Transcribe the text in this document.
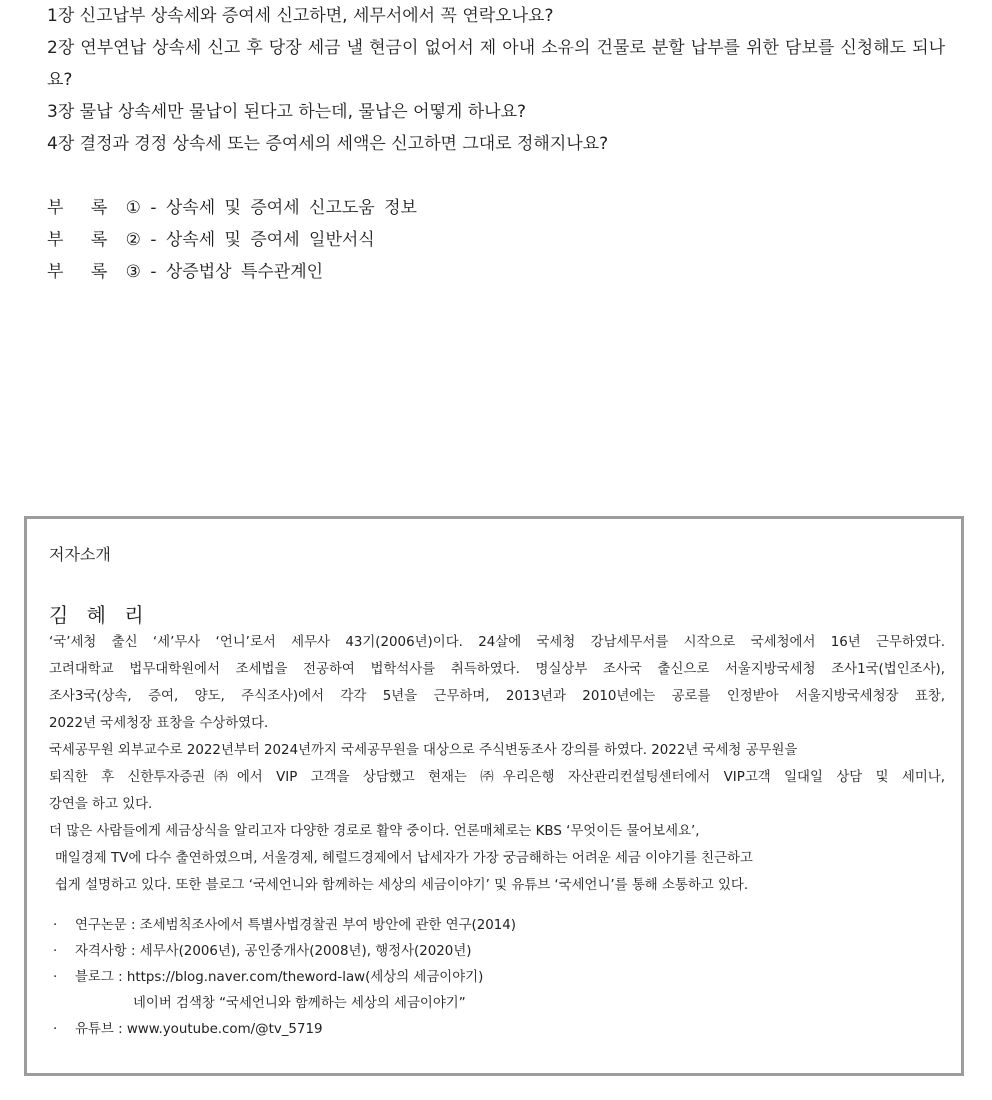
1장 신고납부 상속세와 증여세 신고하면, 세무서에서 꼭 연락오나요?

2장 연부연납 상속세 신고 후 당장 세금 낼 현금이 없어서 제 아내 소유의 건물로 분할 납부를 위한 담보를 신청해도 되나요?

3장 물납 상속세만 물납이 된다고 하는데, 물납은 어떻게 하나요?

4장 결정과 경정 상속세 또는 증여세의 세액은 신고하면 그대로 정해지나요?

부 록 ① - 상속세 및 증여세 신고도움 정보

부 록 ② - 상속세 및 증여세 일반서식

부 록 ③ - 상증법상 특수관계인

저자소개

김 혜 리

‘국’세청 출신 ‘세’무사 ‘언니’로서 세무사 43기(2006년)이다. 24살에 국세청 강남세무서를 시작으로 국세청에서 16년 근무하였다.

고려대학교 법무대학원에서 조세법을 전공하여 법학석사를 취득하였다. 명실상부 조사국 출신으로 서울지방국세청 조사1국(법인조사),

조사3국(상속, 증여, 양도, 주식조사)에서 각각 5년을 근무하며, 2013년과 2010년에는 공로를 인정받아 서울지방국세청장 표창,

2022년 국세청장 표창을 수상하였다.

국세공무원 외부교수로 2022년부터 2024년까지 국세공무원을 대상으로 주식변동조사 강의를 하였다. 2022년 국세청 공무원을

퇴직한 후 신한투자증권㈜에서 VIP 고객을 상담했고 현재는 ㈜우리은행 자산관리컨설팅센터에서 VIP고객 일대일 상담 및 세미나,

강연을 하고 있다.

더 많은 사람들에게 세금상식을 알리고자 다양한 경로로 활약 중이다. 언론매체로는 KBS ‘무엇이든 물어보세요’,

매일경제 TV에 다수 출연하였으며, 서울경제, 헤럴드경제에서 납세자가 가장 궁금해하는 어려운 세금 이야기를 친근하고

쉽게 설명하고 있다. 또한 블로그 ‘국세언니와 함께하는 세상의 세금이야기’ 및 유튜브 ‘국세언니’를 통해 소통하고 있다.

· 연구논문 : 조세범칙조사에서 특별사법경찰권 부여 방안에 관한 연구(2014)
· 자격사항 : 세무사(2006년), 공인중개사(2008년), 행정사(2020년)
· 블로그 : https://blog.naver.com/theword-law(세상의 세금이야기)
네이버 검색창 “국세언니와 함께하는 세상의 세금이야기”
· 유튜브 : www.youtube.com/@tv_5719
